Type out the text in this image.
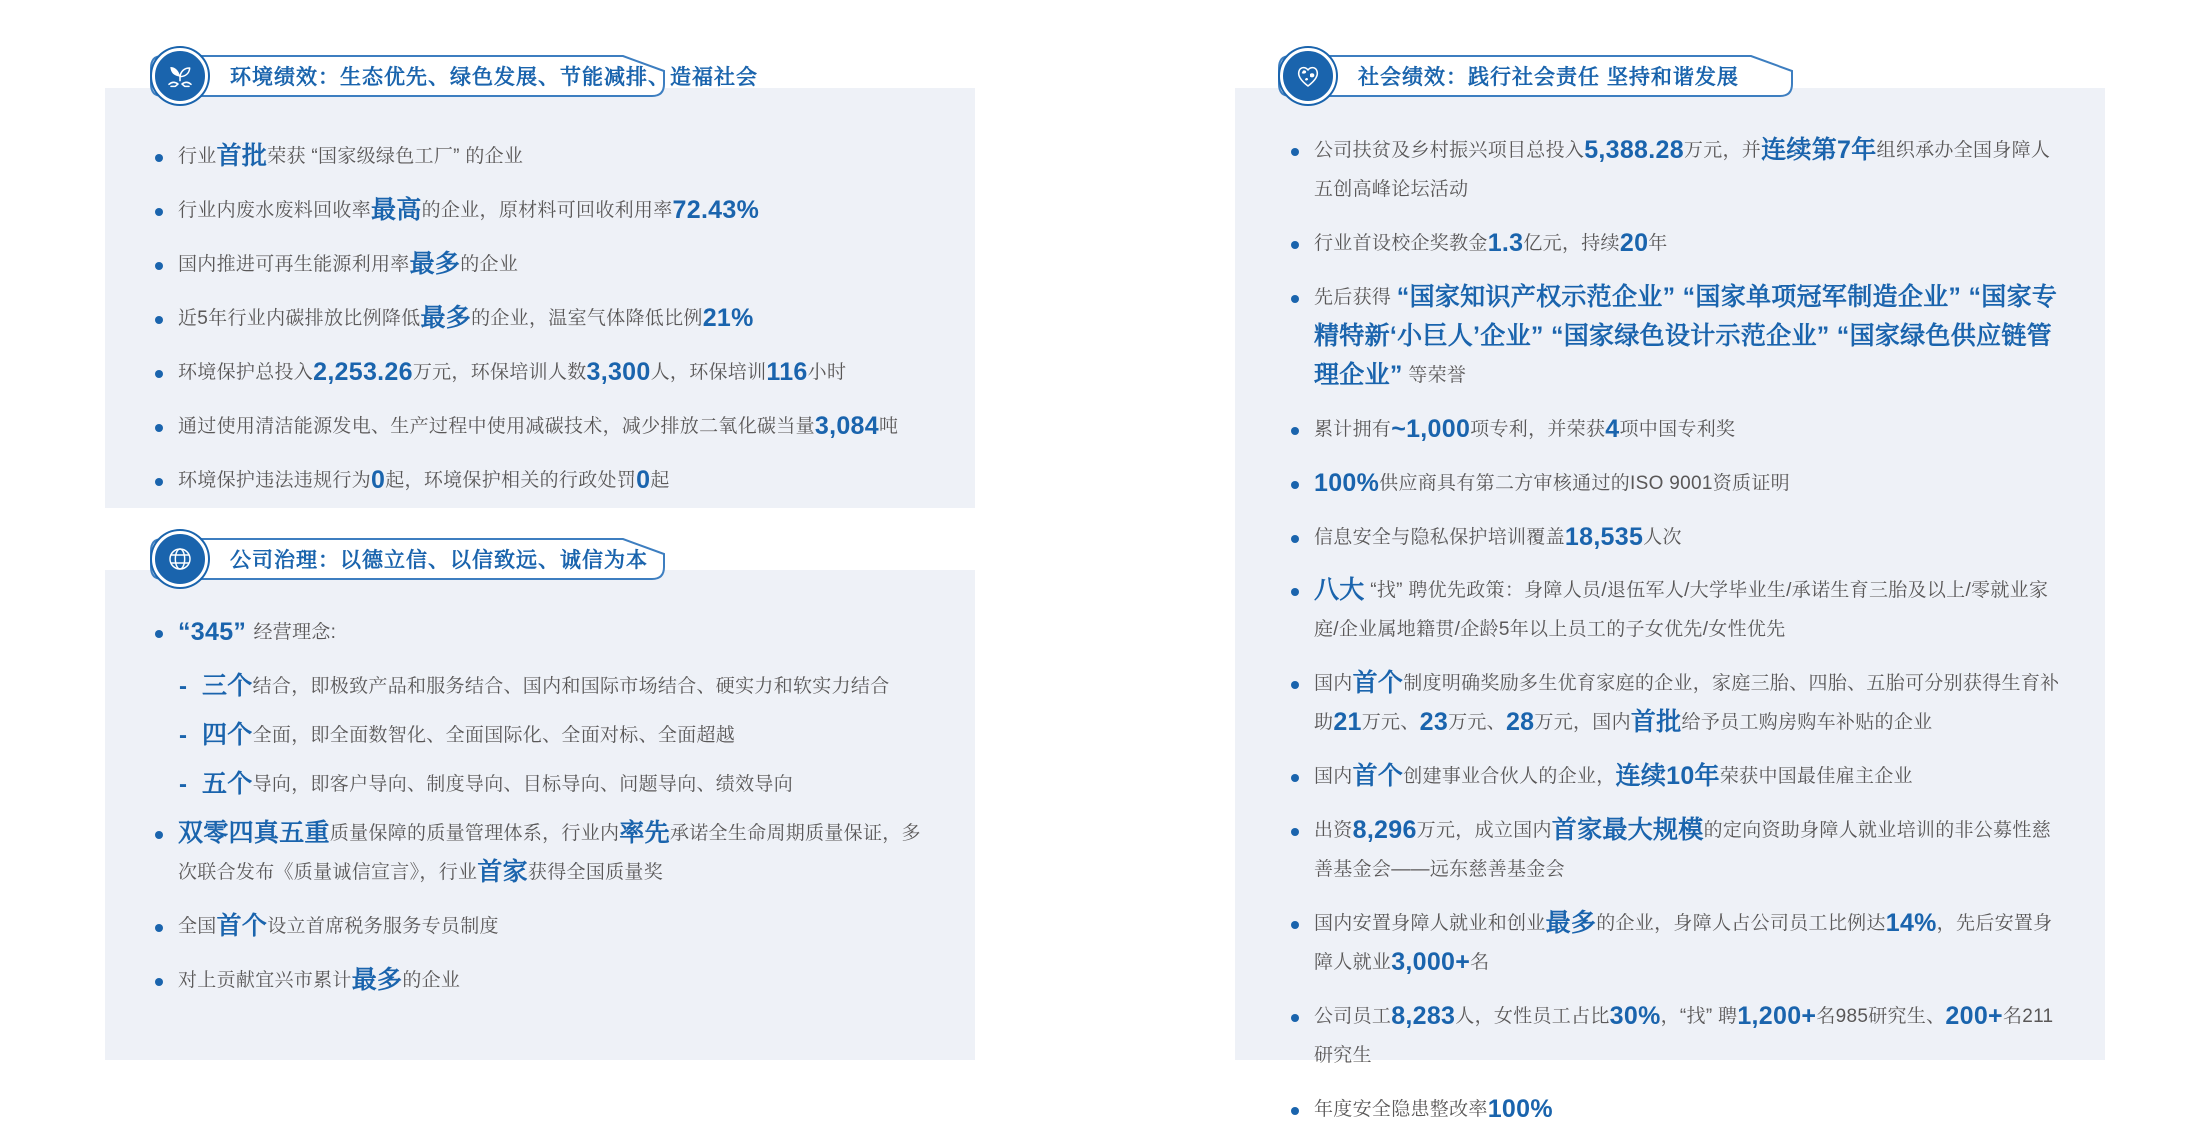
环境绩效：生态优先、绿色发展、节能减排、造福社会
行业首批荣获 “国家级绿色工厂” 的企业
行业内废水废料回收率最高的企业，原材料可回收利用率72.43%
国内推进可再生能源利用率最多的企业
近5年行业内碳排放比例降低最多的企业，温室气体降低比例21%
环境保护总投入2,253.26万元，环保培训人数3,300人，环保培训116小时
通过使用清洁能源发电、生产过程中使用减碳技术，减少排放二氧化碳当量3,084吨
环境保护违法违规行为0起，环境保护相关的行政处罚0起
公司治理：以德立信、以信致远、诚信为本
“345” 经营理念:
- 三个结合，即极致产品和服务结合、国内和国际市场结合、硬实力和软实力结合
- 四个全面，即全面数智化、全面国际化、全面对标、全面超越
- 五个导向，即客户导向、制度导向、目标导向、问题导向、绩效导向
双零四真五重质量保障的质量管理体系，行业内率先承诺全生命周期质量保证，多次联合发布《质量诚信宣言》，行业首家获得全国质量奖
全国首个设立首席税务服务专员制度
对上贡献宜兴市累计最多的企业
社会绩效：践行社会责任 坚持和谐发展
公司扶贫及乡村振兴项目总投入5,388.28万元，并连续第7年组织承办全国身障人五创高峰论坛活动
行业首设校企奖教金1.3亿元，持续20年
先后获得 “国家知识产权示范企业” “国家单项冠军制造企业” “国家专精特新‘小巨人’企业” “国家绿色设计示范企业” “国家绿色供应链管理企业” 等荣誉
累计拥有~1,000项专利，并荣获4项中国专利奖
100%供应商具有第二方审核通过的ISO 9001资质证明
信息安全与隐私保护培训覆盖18,535人次
八大 “找” 聘优先政策：身障人员/退伍军人/大学毕业生/承诺生育三胎及以上/零就业家庭/企业属地籍贯/企龄5年以上员工的子女优先/女性优先
国内首个制度明确奖励多生优育家庭的企业，家庭三胎、四胎、五胎可分别获得生育补助21万元、23万元、28万元，国内首批给予员工购房购车补贴的企业
国内首个创建事业合伙人的企业，连续10年荣获中国最佳雇主企业
出资8,296万元，成立国内首家最大规模的定向资助身障人就业培训的非公募性慈善基金会——远东慈善基金会
国内安置身障人就业和创业最多的企业，身障人占公司员工比例达14%，先后安置身障人就业3,000+名
公司员工8,283人，女性员工占比30%，“找” 聘1,200+名985研究生、200+名211研究生
年度安全隐患整改率100%
